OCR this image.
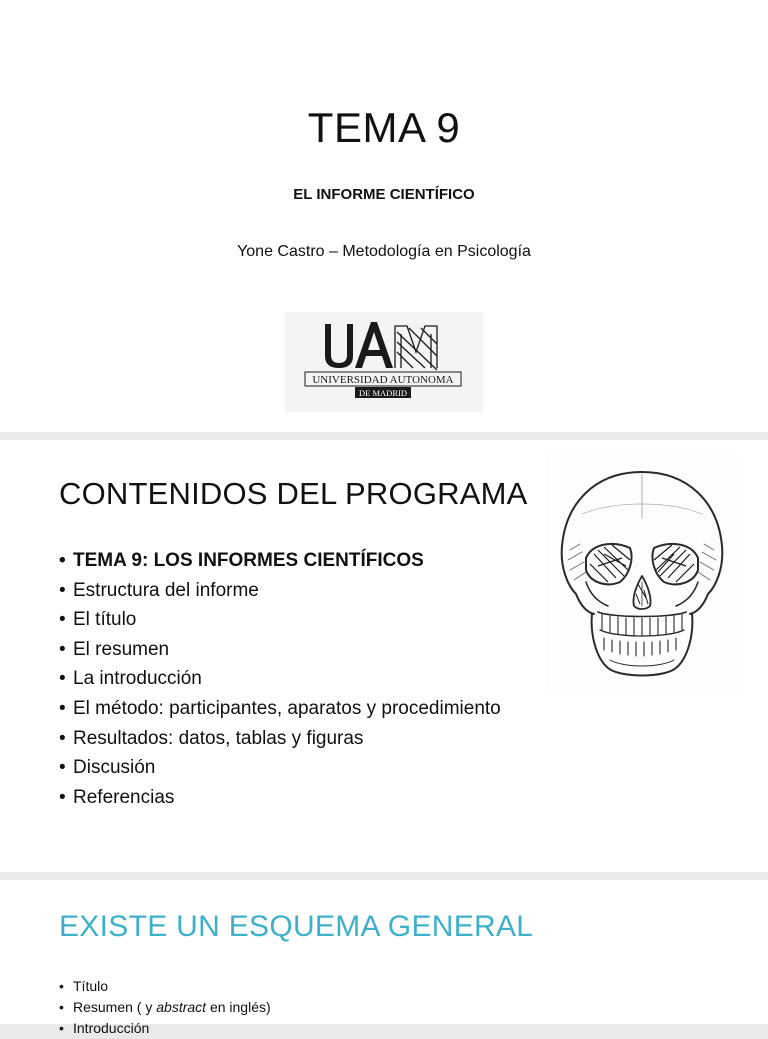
TEMA 9
EL INFORME CIENTÍFICO
Yone Castro – Metodología en Psicología
UNIVERSIDAD AUTONOMA
DE MADRID
CONTENIDOS DEL PROGRAMA
• TEMA 9: LOS INFORMES CIENTÍFICOS
• Estructura del informe
• El título
• El resumen
• La introducción
• El método: participantes, aparatos y procedimiento
• Resultados: datos, tablas y figuras
• Discusión
• Referencias
EXISTE UN ESQUEMA GENERAL
• Título
• Resumen ( y abstract en inglés)
• Introducción
